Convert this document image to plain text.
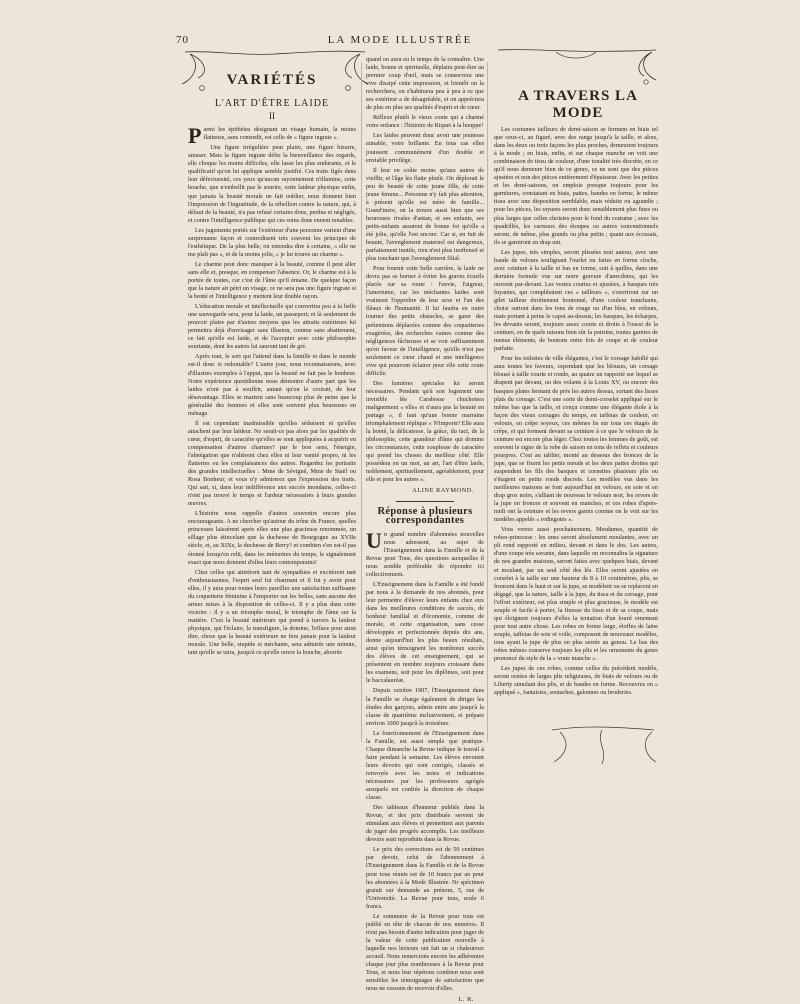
70	LA MODE ILLUSTRÉE
VARIÉTÉS
L'ART D'ÊTRE LAIDE
II

Parmi les épithètes désignant un visage humain, la moins flatteuse, sans contredit, est celle de « figure ingrate ».

Une figure irrégulière peut plaire, une figure bizarre, amuser. Mais la figure ingrate défie la bienveillance des regards, elle choque les moins difficiles, elle lasse les plus endurants, et le qualificatif qu'on lui applique semble justifié. Ces traits figés dans leur défectuosité, ces yeux qu'aucun rayonnement n'illumine, cette bouche, que n'embellit pas le sourire, cette laideur physique enfin, que jamais la beauté morale ne fait oublier, nous donnent bien l'impression de l'ingratitude, de la rébellion contre la nature, qui, à défaut de la beauté, n'a pas refusé certains dons, perdus et négligés, et contre l'intelligence publique qui ces soins dons ennent notables.

Les jugements portés sur l'extérieur d'une personne varient d'une surprenante façon et contredisent très souvent les principes de l'esthétique. De la plus belle, on entendra dire à certains, « elle ne me plaît pas », et de la moins jolie, « je lui trouve un charme ».

Le charme peut donc manquer à la beauté, comme il peut aller sans elle et, presque, en compenser l'absence. Or, le charme est à la portée de toutes, car c'est de l'âme qu'il émane. De quelque façon que la nature ait pétri un visage, ce ne sera pas une figure ingrate si la bonté et l'intelligence y mettent leur double rayon.

L'éducation morale et intellectuelle qui convertira peu à la belle une sauvegarde sera, pour la laide, un passeport; et là seulement de pouvoir plaire par d'autres moyens que les attraits extérieurs lui permettra déjà d'envisager sans illusion, comme sans abattement, ce fait qu'elle est laide, et de l'accepter avec cette philosophie souriante, dont les autres lui sauront tant de gré.

Après tout, le sort qui l'attend dans la famille et dans le monde est-il donc si redoutable? L'autre jour, nous reconnaissions, avec d'illustres exemples à l'appui, que la beauté ne fait pas le bonheur. Notre expérience quotidienne nous démontre d'autre part que les laides n'ont pas à souffrir, autant qu'on le croirait, de leur désavantage. Elles se marient sans beaucoup plus de peine que la généralité des femmes et elles sont souvent plus heureuses en ménage.

Il est cependant inadmissible qu'elles séduisent et qu'elles attachent par leur laideur. Ne serait-ce pas alors par les qualités de cœur, d'esprit, de caractère qu'elles se sont appliquées à acquérir en compensation d'autres charmes? par le bon sens, l'énergie, l'abnégation que n'altèrent chez elles ni leur vanité propre, ni les flatteries ou les complaisances des autres. Regardez les portraits des grandes intellectuelles : Mme de Sévigné, Mme de Staël ou Rosa Bonheur, et vous n'y admirerez que l'expression des traits. Qui sait, si, dans leur indifférence aux succès mondains, celles-ci n'ont pas trouvé le temps et l'ardeur nécessaires à leurs grandes œuvres.

L'histoire nous rappelle d'autres souvenirs encore plus encourageants. A ne chercher qu'autour du trône de France, quelles princesses laissèrent après elles une plus gracieuse renommée, un sillage plus étincelant que la duchesse de Bourgogne au XVIIe siècle, et, au XIXe, la duchesse de Berry? et combien s'en est-il pas étonné lorsqu'en relit, dans les mémoires du temps, le signalement exact que nous donnent d'elles leurs contemporains!

Chez celles qui attirèrent tant de sympathies et excitèrent tant d'enthousiasmes, l'esprit seul fut charmant et il fut y avoir pour elles, il y aura pour toutes leurs pareilles une satisfaction suffisante du coquetterie féminine à l'emporter sur les belles, sans aucune des armes mises à la disposition de celles-ci. Il y a plus dans cette victoire : il y a un triomphe moral, le triomphe de l'âme sur la matière. C'est la beauté intérieure qui prend à travers la laideur physique, qui l'éclaire, la transfigure, la domine, l'efface pour ainsi dire, chose que la beauté extérieure ne fera jamais pour la laideur morale. Une belle, stupide et méchante, sera admirée une minute, tant qu'elle se taira, jusqu'à ce qu'elle ouvre la bouche, aborrée

quand on aura eu le temps de la connaître. Une laide, bonne et spirituelle, déplaira peut-être au premier coup d'œil, mais se conservera une vive dissipé cette impression, et bientôt on la recherchera, on s'habituera peu à peu à ce que ses extérieur a de désagréable, et on appréciera de plus en plus ses qualités d'esprit et de cœur.

Réflexe plutôt le vieux conte qui a charmé votre enfance : l'histoire de Riquet à la houppe!

Les laides peuvent donc avoir une jeunesse aimable, voire brillante. En tous cas elles jouissent communément d'un double et enviable privilège.

Il leur en coûte moins qu'aux autres de vieillir, et l'âge les flatte plutôt. On déplorait le peu de beauté de cette jeune fille, de cette jeune femme... Personne n'y fait plus attention, à présent qu'elle est mère de famille... Grand'mère, on la trouve aussi bien que ses heureuses rivales d'antan, et ses enfants, ses petits-enfants assurent de bonne foi qu'elle a été jolie, qu'elle l'est encore. Car si, en fuit de beauté, l'avenglement maternel est dangereux, parfaitement inutile, rien n'est plus inoffensif et plus touchant que l'aveuglement filial.

Pour fournir cette belle carrière, la laide ne devra pas se borner à éviter les graves écueils placés sur sa route : l'envie, l'aigreur, l'amertume, car les méchantes laides sont vraiment l'opprobre de leur sexe et l'un des fléaux de l'humanité. Il lui faudra en outre tourner des petits obstacles, se garer des prétentions déplacées comme des coquetteries exagérées, des recherches vaines comme des négligences fâcheuses et se voir suffisamment qu'en faveur de l'intelligence, qu'elle n'est pas seulement ce cœur chaud et une intelligence vive qui pourront éclairer pour elle cette route difficile.

Des lumières spéciales lui seront nécessaires. Pendant qu'à son logement une invisible fée Carabosse chuchotera malignement « elle» et n'aura pas la beauté en partage », il faut qu'une bonne marraine triomphalement réplique « N'importe! Elle aura la bonté, la délicatesse, la grâce, du tact, de la philosophie, cette grandeur d'âme qui domine les circonstances, cette souplesse de caractère qui prend les choses du meilleur côté. Elle possédera en un mot, un art, l'art d'être laide, noblement, spirituellement, agréablement, pour elle et pour les autres ».

ALINE RAYMOND.
Réponse à plusieurs correspondantes

Un grand nombre d'abonnées nouvelles nous adressent, au sujet de l'Enseignement dans la Famille et de la Revue pour Tous, des questions auxquelles il nous semble préférable de répondre ici collectivement.

L'Enseignement dans la Famille a été fondé par nous à la demande de nos abonnés, pour leur permettre d'élever leurs enfants chez eux dans les meilleures conditions de succès, de bonheur familial et d'économie, comme de morale, et cette organisation, sans cesse développée et perfectionnée depuis dix ans, donne aujourd'hui les plus beaux résultats, ainsi qu'en témoignent les nombreux succès des élèves de cet enseignement, qui se présentent en nombre toujours croissant dans les examens, soit pour les diplômes, soit pour le baccalauréat.

Depuis octobre 1907, l'Enseignement dans la Famille se charge également de diriger les études des garçons, admis entre ans jusqu'à la classe de quatrième inclusivement, et prépare environ 1000 jusqu'à la troisième.

Le fonctionnement de l'Enseignement dans la Famille, est aussi simple que pratique. Chaque dimanche la Revue indique le travail à faire pendant la semaine. Les élèves envoient leurs devoirs qui sont corrigés, classés et renvoyés avec les notes et indications nécessaires par les professeurs agrégés auxquels est confiée la direction de chaque classe.

Des tableaux d'honneur publiés dans la Revue, et des prix distribués servent de stimulant aux élèves et permettent aux parents de juger des progrès accomplis. Les meilleurs devoirs sont reproduits dans la Revue.

Le prix des corrections est de 50 centimes par devoir, celui de l'abonnement à l'Enseignement dans la Famille et de la Revue pour tous réunis est de 10 francs par an pour les abonnées à la Mode Illustrée. Nr spécimen gratuit sur demande au prénom, 5, rue de l'Université. La Revue pour tous, seule 6 francs.

Le sommaire de la Revue pour tous est publié en tête de chacun de nos numéros. Il n'est pas besoin d'autre indication pour juger de la valeur de cette publication nouvelle à laquelle nos lecteurs ont fait un si chaleureux accueil. Nous remercions encore les adhérentes chaque jour plus nombreuses à la Revue pour Tous, et nous leur répétons combien nous sont sensibles les témoignages de satisfaction que nous ne cessons de recevoir d'elles.

L. R.
A TRAVERS LA MODE

Les costumes tailleurs de demi-saison se ferment en biais tel que ceux-ci, au figuré, avec des rangs jusqu'à la taille, et alors, dans les deux ou trois façons les plus proches, demeurent toujours à la mode ; en biais, enfin, et sur chaque manche on voit une combinaison de tissu de couleur, d'une tonalité très discrète, en ce qu'il nous demeure bien de ce genre, ce ne sont que des pièces ajustées et non des pièces entièrement d'épaisseur. Avec les petites et les demi-saisons, on emploie presque toujours pour les garnitures, constatant en biais, pattes, bandes en forme, le même tissu avec une disposition semblable, mais réduite ou agrandie ; pour les pièces, les rayures seront donc sensiblement plus fines ou plus larges que celles choisies pour le fond du costume ; avec les quadrillés, les carreaux des étoupes ou autres conventionnels seront, de même, plus grands ou plus petits ; quant aux écossais, ils se garniront en drap uni.

Les jupes, très simples, seront plissées tout autour, avec une bande de velours soulignant l'ourlet ou faites en forme cloche, avec ceinture à la taille et bas en forme, soit à quilles, dans une dernière formule vue sur notre gravure d'anecdotes, qui les ouvrent par-devant. Les vestes courtes et ajustées, à basques très fuyantes, qui complétaient ces « tailleurs », s'ouvriront sur un gilet tailleur étroitement boutonné, d'une couleur tranchante, choisi surtout dans les tons de rouge ou d'un bleu, en velours, mais portant à peine le capot au-dessus; les basques, les écharpes, les devants seront, toujours assez courts et droits à l'ouest de la ceinture, en de quels raisons bien sûr la poitrine, toutes garnies de menus éléments, de boutons entre fois de coupe et de couleur parfaite.

Pour les toilettes de ville élégantes, c'est le corsage habillé qui aura toutes les faveurs, cependant que les blouses, un corsage blousé à taille courte et ronde, au quatre un rapporté sur lequel se drapent par devant, ou des volants à la Louis XV, ou encore des basques plates fermant de près les autres dessus, sortant des lisses plats du corsage. C'est une sorte de demi-corselet appliqué sur le même bas que la taille, et conçu comme une élégante étole à la façon des vieux corsages du temps, en taffetas de couleur, en velours, en crêpe soyeux, ces mêmes lis sur tous ces étagés de crêpe, et qui forment devant sa ceinture à ce que le velours de la ceinture est encore plus léger. Chez toutes les femmes de goût, est souvent le signe de la robe de saison en tons de reflets et couleurs pourpres. C'est au tablier, monté au dessous des fronces de la jupe, que se fixent les petits nœuds et les deux pattes droites qui suspendent les fils des basques et cornettes plusieurs plis ou s'étagent en petits ronds discrets. Les modèles vus dans les meilleures maisons se font aujourd'hui en velours, en soie et en drap gros noirs, s'alliant de nouveau le velours noir, les revers de la jupe en fronces et souvent en manches, et ces robes d'après-midi ont la ceinture et les revers garnis comme on le voit sur les modèles appelés « redingotes ».

Vous verrez aussi prochainement, Mesdames, quantité de robes-princesse : les unes seront absolument moulantes, avec un pli rond rapporté en milieu, devant et dans le dos. Les autres, d'une coupe très savante, dans laquelle on reconnaîtra la signature de nos grandes maisons, seront faites avec quelques biais, devant et moulant, par un seul côté des lés. Elles seront ajustées en corselet à la taille sur une hauteur de 8 à 10 centimètres, plis, se froncent dans le haut et sur la jupe, se modèlent ou se replacent en dégagé, que la nature, taille à la jupe, du tissu et du corsage, pour l'effort extérieur, est plus simple et plus gracieuse, le modèle est souple et facile à porter, la finesse du tissu et de sa coupe, mais qui éloignent toujours d'elles la tentation d'un lourd ornement pour tout autre chose. Les robes en forme large, étoffes de laine souple, taffetas de soie et voile, composent de nouveaux modèles, tous ayant la jupe de plus en plus serrée au genou. Le bas des robes mêmes conserve toujours les plis et les ornements du genre prononcé du style de la « vraie manche ».

Les jupes de ces robes, comme celles du précédent modèle, seront ornées de larges plis religieuses, de biais de velours ou de Liberty simulant des plis, et de bandes en forme. Recouvrez en « appliqué », fantaisies, soutaches, galonnes ou broderies.
